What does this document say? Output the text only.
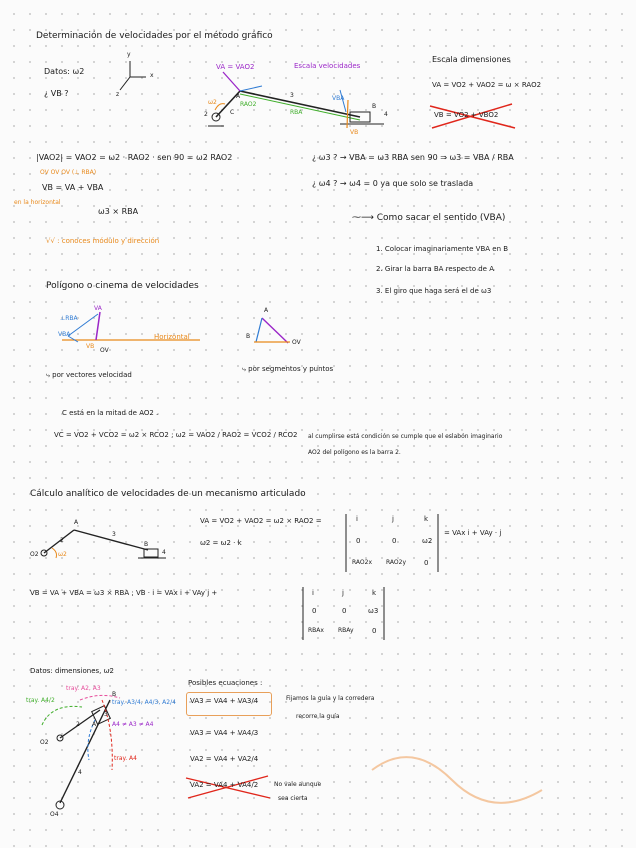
Determinación de velocidades por el método gráfico
Datos: ω2
¿ VB ?
y
x
z
VA = VAO2	Escala velocidades
Escala dimensiones
VA = VO2 + VAO2 = ω × RAO2
VB = VO2 + VBO2
A
B
C
3
4
2
ω2
VB
VBA
RAO2
RBA
|VAO2| = VAO2 = ω2 · RAO2 · sen 90 = ω2 RAO2
OV OV OV (⊥ RBA)
VB = VA + VBA
en la horizontal
ω3 × RBA
√√ : conoces módulo y dirección
¿ ω3 ? → VBA = ω3 RBA sen 90 ⇒ ω3 = VBA / RBA
¿ ω4 ? → ω4 = 0 ya que solo se traslada
⁓⟶ Como sacar el sentido (VBA)
1. Colocar imaginariamente VBA en B
2. Girar la barra BA respecto de A
3. El giro que haga será el de ω3
Polígono o cinema de velocidades
⊥RBA
VA
VBA
VB
OV
Horizontal
A
B
OV
⤷ por vectores velocidad
⤷ por segmentos y puntos
C está en la mitad de AO2 .
VC = VO2 + VCO2 = ω2 × RCO2 ; ω2 = VAO2 / RAO2 = VCO2 / RCO2 al cumplirse está condición se cumple que el eslabón imaginario
AO2 del polígono es la barra 2.
Cálculo analítico de velocidades de un mecanismo articulado
A
B
3
2
4
O2	ω2
VA = VO2 + VAO2 = ω2 × RAO2 =
ω2 = ω2 · k
= VAx i + VAy · j
i	j	k
0	0	ω2
RAO2x RAO2y	0
VB = VA + VBA = ω3 × RBA ; VB · i = VAx i + VAy j +	i	j	k
0	0	ω3
RBAx RBAy	0
Datos: dimensiones, ω2
tray. A2, A3
tray. A4/2	tray. A3/4, A4/3, A2/4
A4 ≠ A3 ≠ A4
tray. A4
B
A
O2
O4
2
4
3
Posibles ecuaciones :
VA3 = VA4 + VA3/4	Fijamos la guía y la corredera
recorre la guía
VA3 = VA4 + VA4/3
VA2 = VA4 + VA2/4
VA2 = VA4 + VA4/2	No vale aunque
sea cierta
